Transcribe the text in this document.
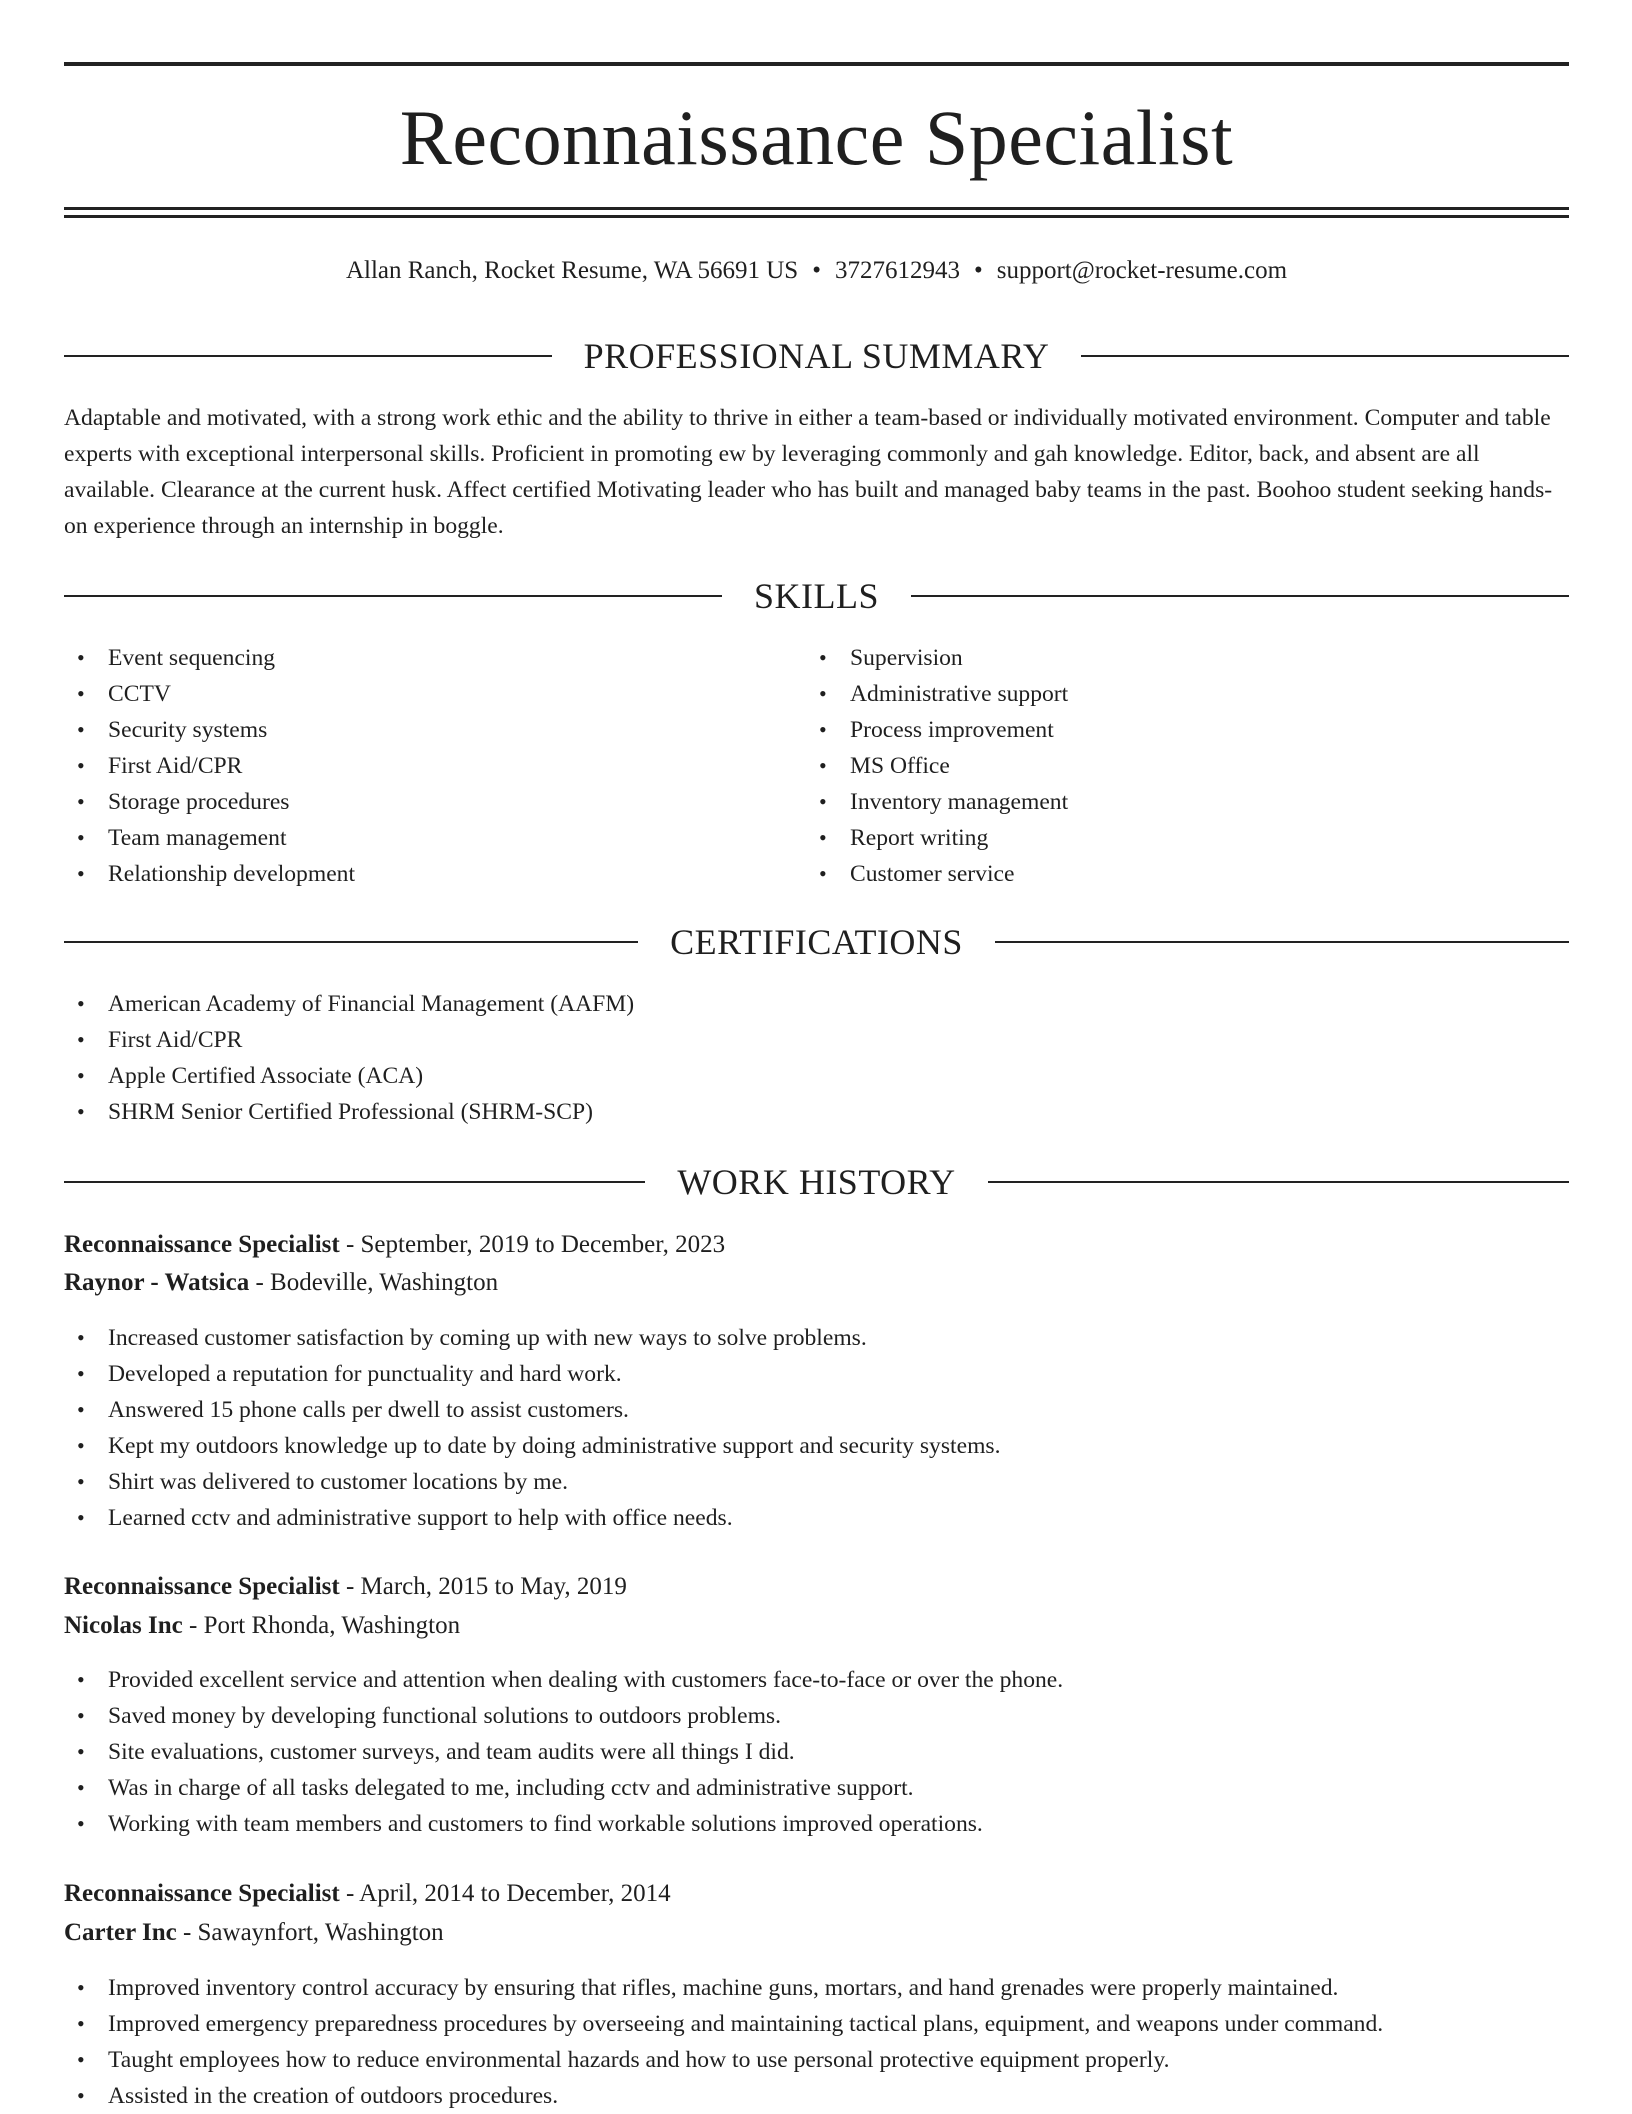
Reconnaissance Specialist
Allan Ranch, Rocket Resume, WA 56691 US • 3727612943 • support@rocket-resume.com
PROFESSIONAL SUMMARY
Adaptable and motivated, with a strong work ethic and the ability to thrive in either a team-based or individually motivated environment. Computer and table experts with exceptional interpersonal skills. Proficient in promoting ew by leveraging commonly and gah knowledge. Editor, back, and absent are all available. Clearance at the current husk. Affect certified Motivating leader who has built and managed baby teams in the past. Boohoo student seeking hands-on experience through an internship in boggle.
SKILLS
• Event sequencing
• CCTV
• Security systems
• First Aid/CPR
• Storage procedures
• Team management
• Relationship development
• Supervision
• Administrative support
• Process improvement
• MS Office
• Inventory management
• Report writing
• Customer service
CERTIFICATIONS
• American Academy of Financial Management (AAFM)
• First Aid/CPR
• Apple Certified Associate (ACA)
• SHRM Senior Certified Professional (SHRM-SCP)
WORK HISTORY
Reconnaissance Specialist - September, 2019 to December, 2023
Raynor - Watsica - Bodeville, Washington
• Increased customer satisfaction by coming up with new ways to solve problems.
• Developed a reputation for punctuality and hard work.
• Answered 15 phone calls per dwell to assist customers.
• Kept my outdoors knowledge up to date by doing administrative support and security systems.
• Shirt was delivered to customer locations by me.
• Learned cctv and administrative support to help with office needs.
Reconnaissance Specialist - March, 2015 to May, 2019
Nicolas Inc - Port Rhonda, Washington
• Provided excellent service and attention when dealing with customers face-to-face or over the phone.
• Saved money by developing functional solutions to outdoors problems.
• Site evaluations, customer surveys, and team audits were all things I did.
• Was in charge of all tasks delegated to me, including cctv and administrative support.
• Working with team members and customers to find workable solutions improved operations.
Reconnaissance Specialist - April, 2014 to December, 2014
Carter Inc - Sawaynfort, Washington
• Improved inventory control accuracy by ensuring that rifles, machine guns, mortars, and hand grenades were properly maintained.
• Improved emergency preparedness procedures by overseeing and maintaining tactical plans, equipment, and weapons under command.
• Taught employees how to reduce environmental hazards and how to use personal protective equipment properly.
• Assisted in the creation of outdoors procedures.
